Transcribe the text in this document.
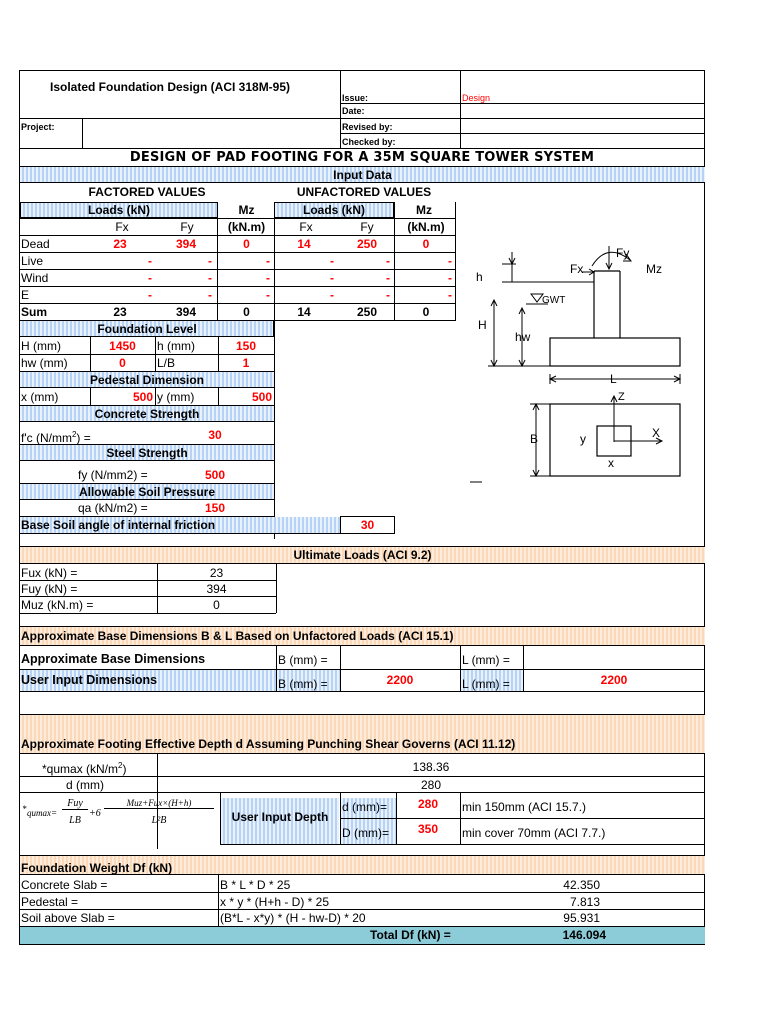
Isolated Foundation Design (ACI 318M-95)
Issue:	Design
Date:
Project:	Revised by:
Checked by:
DESIGN OF PAD FOOTING FOR A 35M SQUARE TOWER SYSTEM
Input Data
FACTORED VALUES	UNFACTORED VALUES
Loads (kN)	Mz	Loads (kN)	Mz
Fx	Fy	(kN.m)	Fx	Fy	(kN.m)
Dead	23	394	0	14	250	0
Live	-	-	-	-	-	-
Wind	-	-	-	-	-	-
E	-	-	-	-	-	-
Sum	23	394	0	14	250	0
Foundation Level
H (mm)	1450	h (mm)	150
hw (mm)	0	L/B	1
Pedestal Dimension
x (mm)	500 y (mm)	500
Concrete Strength
f'c $(N/mm^2)$ =	30
Steel Strength
fy (N/mm2) =	500
Allowable Soil Pressure
qa (kN/m2) =	150
Base Soil angle of internal friction	30
Fy
Fx	Mz
h
GWT
H
hw
L
Z
X
B	y
x
Ultimate Loads (ACI 9.2)
Fux (kN) =	23
Fuy (kN) =	394
Muz (kN.m) =	0
Approximate Base Dimensions B & L Based on Unfactored Loads (ACI 15.1)
Approximate Base Dimensions	B (mm) =	L (mm) =
User Input Dimensions	B (mm) =	2200	L (mm) =	2200
Approximate Footing Effective Depth d Assuming Punching Shear Governs (ACI 11.12)
*qumax $(kN/m^2)$	138.36
d (mm)	280
* qumax=
Fuy
LB
+6
Muz+Fux×(H+h)
L²B	User Input Depth
d (mm)=	280
D (mm)=	350
min 150mm (ACI 15.7.)
min cover 70mm (ACI 7.7.)
Foundation Weight Df (kN)
Concrete Slab =	B * L * D * 25	42.350
Pedestal =	x * y * (H+h - D) * 25	7.813
Soil above Slab =	(B*L - x*y) * (H - hw-D) * 20	95.931
Total Df (kN) =	146.094
